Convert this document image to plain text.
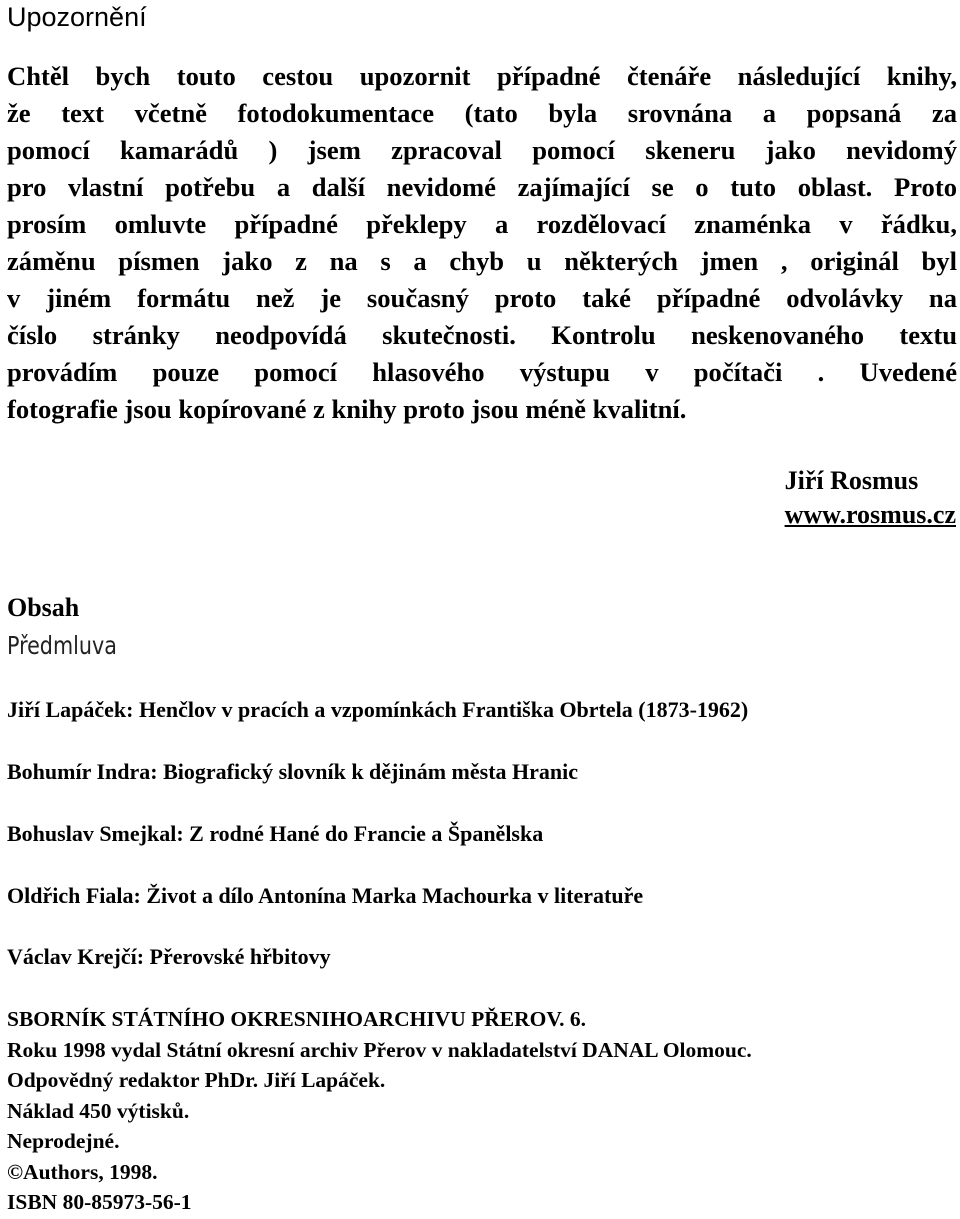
Upozornění
Chtěl bych touto cestou upozornit případné čtenáře následující knihy,
že text včetně fotodokumentace (tato byla srovnána a popsaná za
pomocí kamarádů ) jsem zpracoval pomocí skeneru jako nevidomý
pro vlastní potřebu a další nevidomé zajímající se o tuto oblast. Proto
prosím omluvte případné překlepy a rozdělovací znaménka v řádku,
záměnu písmen jako z na s a chyb u některých jmen , originál byl
v jiném formátu než je současný proto také případné odvolávky na
číslo stránky neodpovídá skutečnosti. Kontrolu neskenovaného textu
provádím pouze pomocí hlasového výstupu v počítači . Uvedené
fotografie jsou kopírované z knihy proto jsou méně kvalitní.
Jiří Rosmus
www.rosmus.cz
Obsah
Předmluva
Jiří Lapáček: Henčlov v pracích a vzpomínkách Františka Obrtela (1873-1962)
Bohumír Indra: Biografický slovník k dějinám města Hranic
Bohuslav Smejkal: Z rodné Hané do Francie a Španělska
Oldřich Fiala: Život a dílo Antonína Marka Machourka v literatuře
Václav Krejčí: Přerovské hřbitovy
SBORNÍK STÁTNÍHO OKRESNIHOARCHIVU PŘEROV. 6.
Roku 1998 vydal Státní okresní archiv Přerov v nakladatelství DANAL Olomouc.
Odpovědný redaktor PhDr. Jiří Lapáček.
Náklad 450 výtisků.
Neprodejné.
©Authors, 1998.
ISBN 80-85973-56-1
